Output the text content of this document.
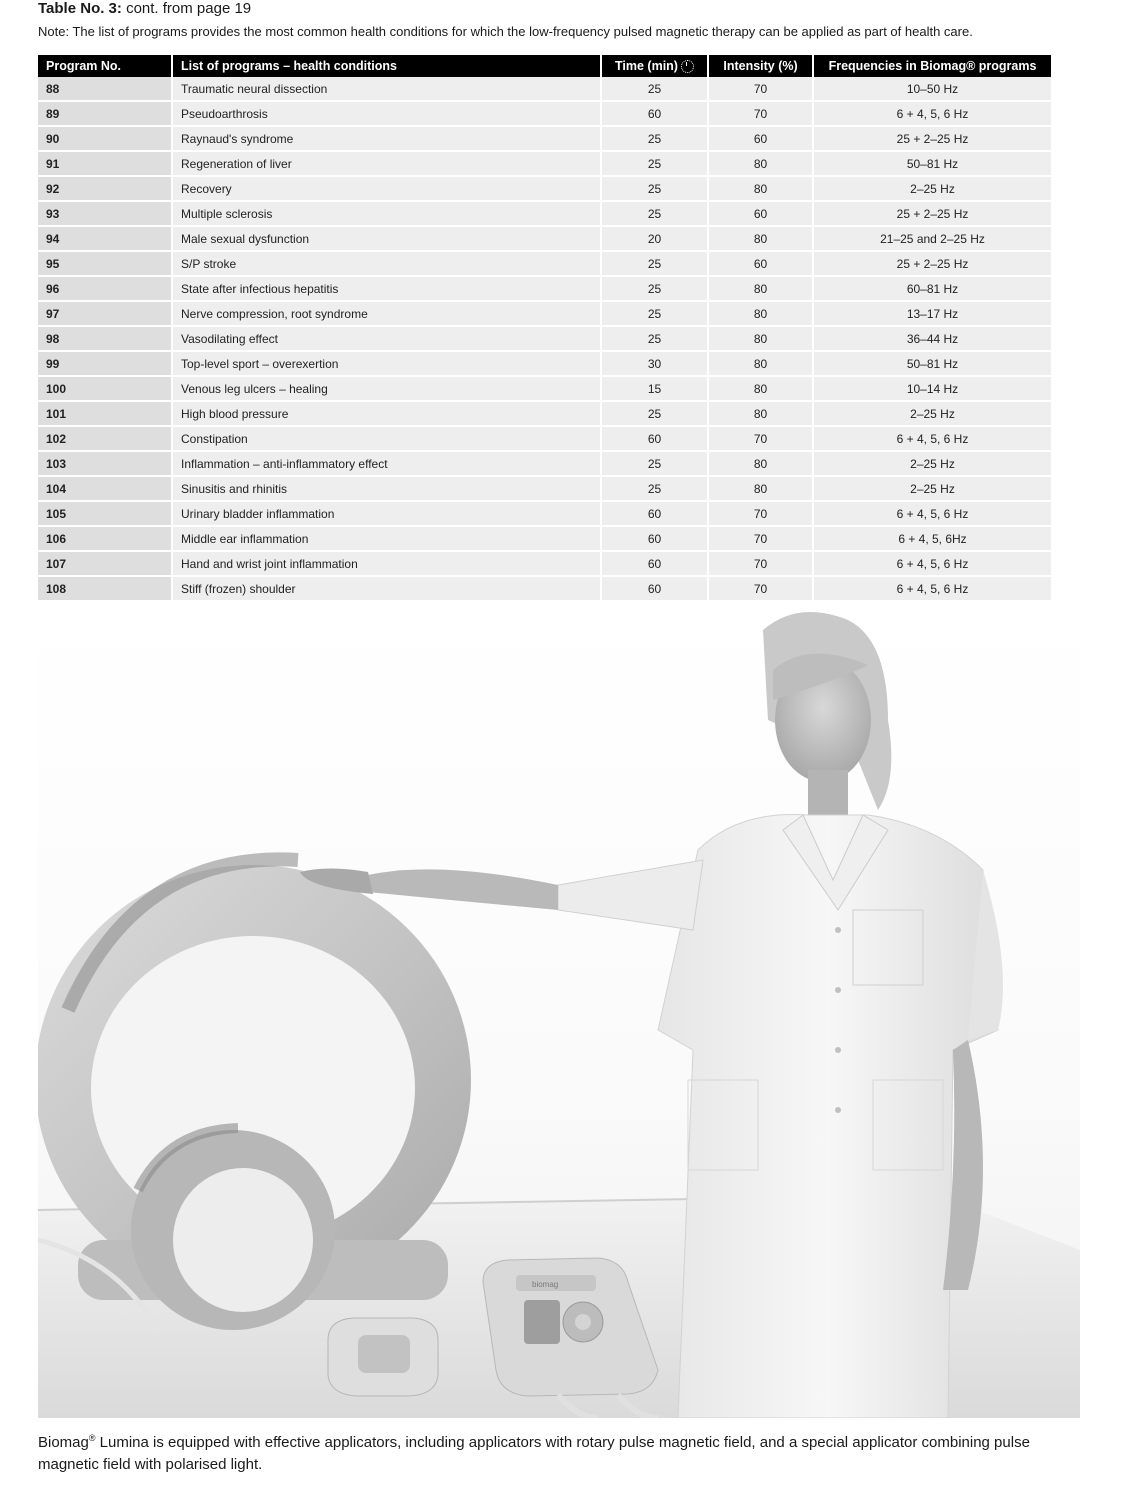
Table No. 3: cont. from page 19
Note: The list of programs provides the most common health conditions for which the low-frequency pulsed magnetic therapy can be applied as part of health care.
Program No.	List of programs – health conditions	Time (min)	Intensity (%)	Frequencies in Biomag® programs
88	Traumatic neural dissection	25	70	10–50 Hz
89	Pseudoarthrosis	60	70	6 + 4, 5, 6 Hz
90	Raynaud's syndrome	25	60	25 + 2–25 Hz
91	Regeneration of liver	25	80	50–81 Hz
92	Recovery	25	80	2–25 Hz
93	Multiple sclerosis	25	60	25 + 2–25 Hz
94	Male sexual dysfunction	20	80	21–25 and 2–25 Hz
95	S/P stroke	25	60	25 + 2–25 Hz
96	State after infectious hepatitis	25	80	60–81 Hz
97	Nerve compression, root syndrome	25	80	13–17 Hz
98	Vasodilating effect	25	80	36–44 Hz
99	Top-level sport – overexertion	30	80	50–81 Hz
100	Venous leg ulcers – healing	15	80	10–14 Hz
101	High blood pressure	25	80	2–25 Hz
102	Constipation	60	70	6 + 4, 5, 6 Hz
103	Inflammation – anti-inflammatory effect	25	80	2–25 Hz
104	Sinusitis and rhinitis	25	80	2–25 Hz
105	Urinary bladder inflammation	60	70	6 + 4, 5, 6 Hz
106	Middle ear inflammation	60	70	6 + 4, 5, 6Hz
107	Hand and wrist joint inflammation	60	70	6 + 4, 5, 6 Hz
108	Stiff (frozen) shoulder	60	70	6 + 4, 5, 6 Hz
biomag
Biomag® Lumina is equipped with effective applicators, including applicators with rotary pulse magnetic field, and a special applicator combining pulse magnetic field with polarised light.
